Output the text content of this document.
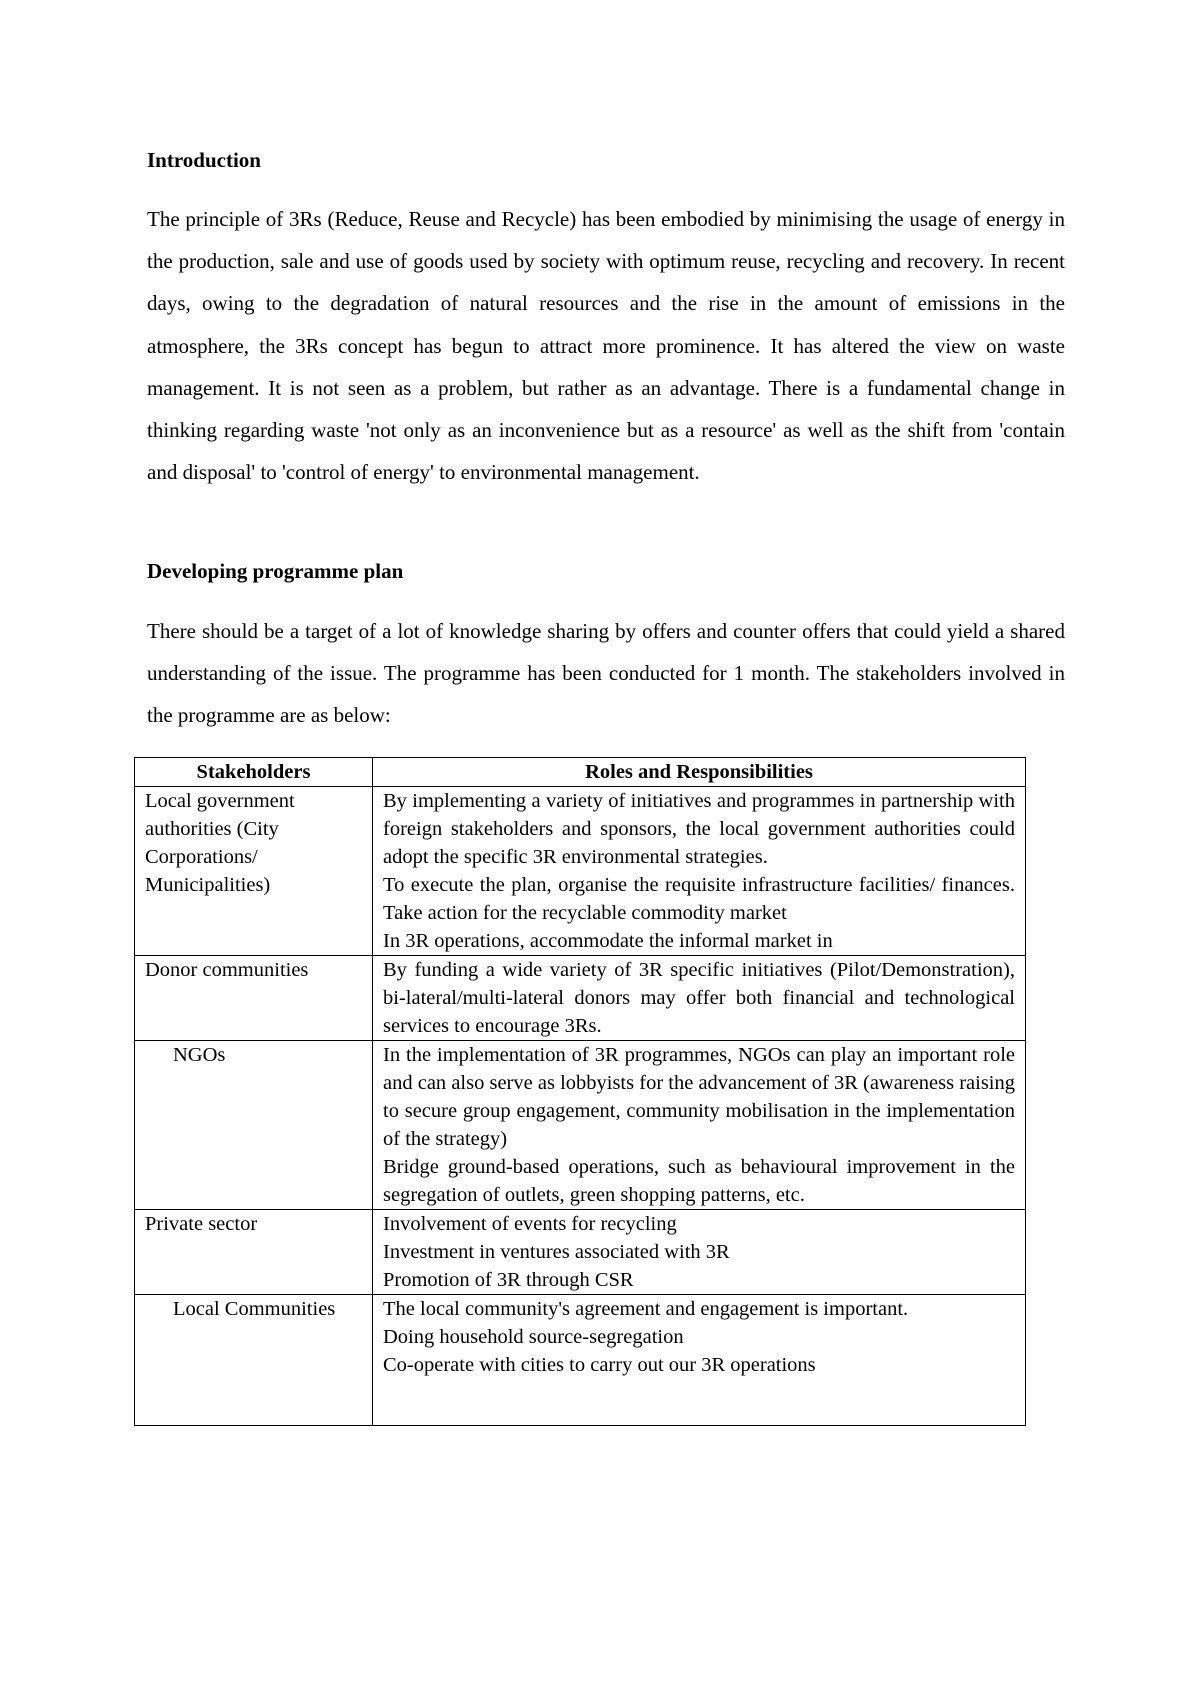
Introduction

The principle of 3Rs (Reduce, Reuse and Recycle) has been embodied by minimising the usage of energy in the production, sale and use of goods used by society with optimum reuse, recycling and recovery. In recent days, owing to the degradation of natural resources and the rise in the amount of emissions in the atmosphere, the 3Rs concept has begun to attract more prominence. It has altered the view on waste management. It is not seen as a problem, but rather as an advantage. There is a fundamental change in thinking regarding waste 'not only as an inconvenience but as a resource' as well as the shift from 'contain and disposal' to 'control of energy' to environmental management.

Developing programme plan

There should be a target of a lot of knowledge sharing by offers and counter offers that could yield a shared understanding of the issue. The programme has been conducted for 1 month. The stakeholders involved in the programme are as below:

Stakeholders	Roles and Responsibilities
Local government authorities (City Corporations/ Municipalities)	By implementing a variety of initiatives and programmes in partnership with foreign stakeholders and sponsors, the local government authorities could adopt the specific 3R environmental strategies.
To execute the plan, organise the requisite infrastructure facilities/ finances. Take action for the recyclable commodity market
In 3R operations, accommodate the informal market in

Donor communities	By funding a wide variety of 3R specific initiatives (Pilot/Demonstration), bi-lateral/multi-lateral donors may offer both financial and technological services to encourage 3Rs.

NGOs	In the implementation of 3R programmes, NGOs can play an important role and can also serve as lobbyists for the advancement of 3R (awareness raising to secure group engagement, community mobilisation in the implementation of the strategy)
Bridge ground-based operations, such as behavioural improvement in the segregation of outlets, green shopping patterns, etc.

Private sector	Involvement of events for recycling
Investment in ventures associated with 3R
Promotion of 3R through CSR

Local Communities	The local community's agreement and engagement is important.
Doing household source-segregation
Co-operate with cities to carry out our 3R operations
